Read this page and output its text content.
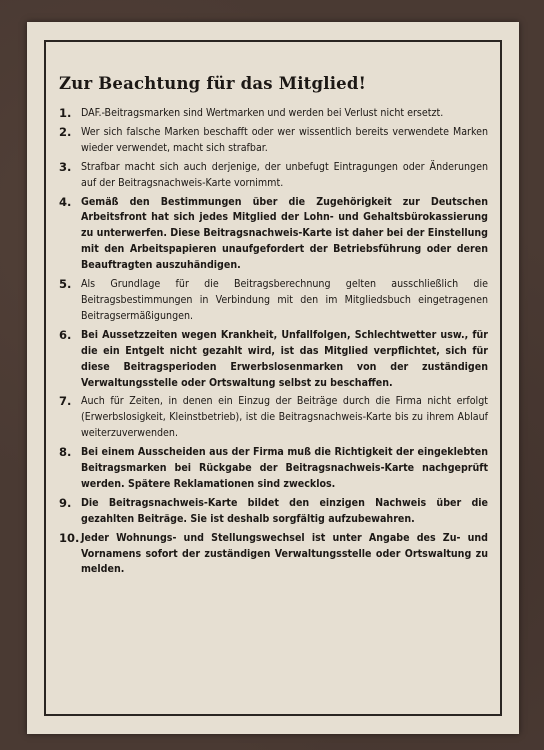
Zur Beachtung für das Mitglied!
1. DAF.-Beitragsmarken sind Wertmarken und werden bei Verlust nicht ersetzt.
2. Wer sich falsche Marken beschafft oder wer wissentlich bereits verwendete Marken wieder verwendet, macht sich strafbar.
3. Strafbar macht sich auch derjenige, der unbefugt Eintragungen oder Änderungen auf der Beitragsnachweis-Karte vornimmt.
4. Gemäß den Bestimmungen über die Zugehörigkeit zur Deutschen Arbeitsfront hat sich jedes Mitglied der Lohn- und Gehaltsbürokassierung zu unterwerfen. Diese Beitragsnachweis-Karte ist daher bei der Einstellung mit den Arbeitspapieren unaufgefordert der Betriebsführung oder deren Beauftragten auszuhändigen.
5. Als Grundlage für die Beitragsberechnung gelten ausschließlich die Beitragsbestimmungen in Verbindung mit den im Mitgliedsbuch eingetragenen Beitragsermäßigungen.
6. Bei Aussetzzeiten wegen Krankheit, Unfallfolgen, Schlechtwetter usw., für die ein Entgelt nicht gezahlt wird, ist das Mitglied verpflichtet, sich für diese Beitragsperioden Erwerbslosenmarken von der zuständigen Verwaltungsstelle oder Ortswaltung selbst zu beschaffen.
7. Auch für Zeiten, in denen ein Einzug der Beiträge durch die Firma nicht erfolgt (Erwerbslosigkeit, Kleinstbetrieb), ist die Beitragsnachweis-Karte bis zu ihrem Ablauf weiterzuverwenden.
8. Bei einem Ausscheiden aus der Firma muß die Richtigkeit der eingeklebten Beitragsmarken bei Rückgabe der Beitragsnachweis-Karte nachgeprüft werden. Spätere Reklamationen sind zwecklos.
9. Die Beitragsnachweis-Karte bildet den einzigen Nachweis über die gezahlten Beiträge. Sie ist deshalb sorgfältig aufzubewahren.
10. Jeder Wohnungs- und Stellungswechsel ist unter Angabe des Zu- und Vornamens sofort der zuständigen Verwaltungsstelle oder Ortswaltung zu melden.
